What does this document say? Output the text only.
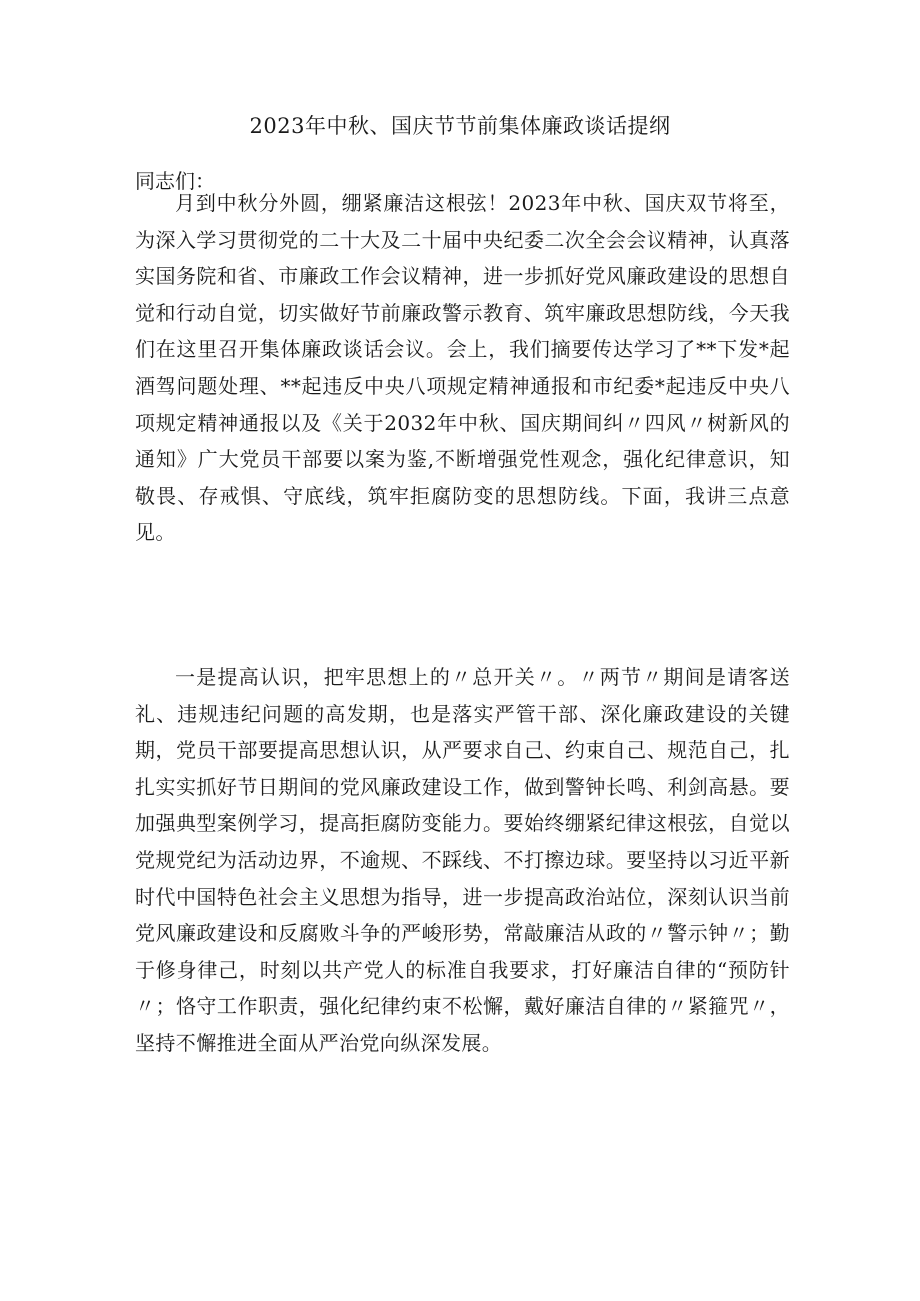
2023年中秋、国庆节节前集体廉政谈话提纲

同志们：

月到中秋分外圆，绷紧廉洁这根弦！2023年中秋、国庆双节将至，为深入学习贯彻党的二十大及二十届中央纪委二次全会会议精神，认真落实国务院和省、市廉政工作会议精神，进一步抓好党风廉政建设的思想自觉和行动自觉，切实做好节前廉政警示教育、筑牢廉政思想防线，今天我们在这里召开集体廉政谈话会议。会上，我们摘要传达学习了**下发*起酒驾问题处理、**起违反中央八项规定精神通报和市纪委*起违反中央八项规定精神通报以及《关于2032年中秋、国庆期间纠〃四风〃树新风的通知》广大党员干部要以案为鉴,不断增强党性观念，强化纪律意识，知敬畏、存戒惧、守底线，筑牢拒腐防变的思想防线。下面，我讲三点意见。

一是提高认识，把牢思想上的〃总开关〃。〃两节〃期间是请客送礼、违规违纪问题的高发期，也是落实严管干部、深化廉政建设的关键期，党员干部要提高思想认识，从严要求自己、约束自己、规范自己，扎扎实实抓好节日期间的党风廉政建设工作，做到警钟长鸣、利剑高悬。要加强典型案例学习，提高拒腐防变能力。要始终绷紧纪律这根弦，自觉以党规党纪为活动边界，不逾规、不踩线、不打擦边球。要坚持以习近平新时代中国特色社会主义思想为指导，进一步提高政治站位，深刻认识当前党风廉政建设和反腐败斗争的严峻形势，常敲廉洁从政的〃警示钟〃；勤于修身律己，时刻以共产党人的标准自我要求，打好廉洁自律的“预防针〃；恪守工作职责，强化纪律约束不松懈，戴好廉洁自律的〃紧箍咒〃，坚持不懈推进全面从严治党向纵深发展。
